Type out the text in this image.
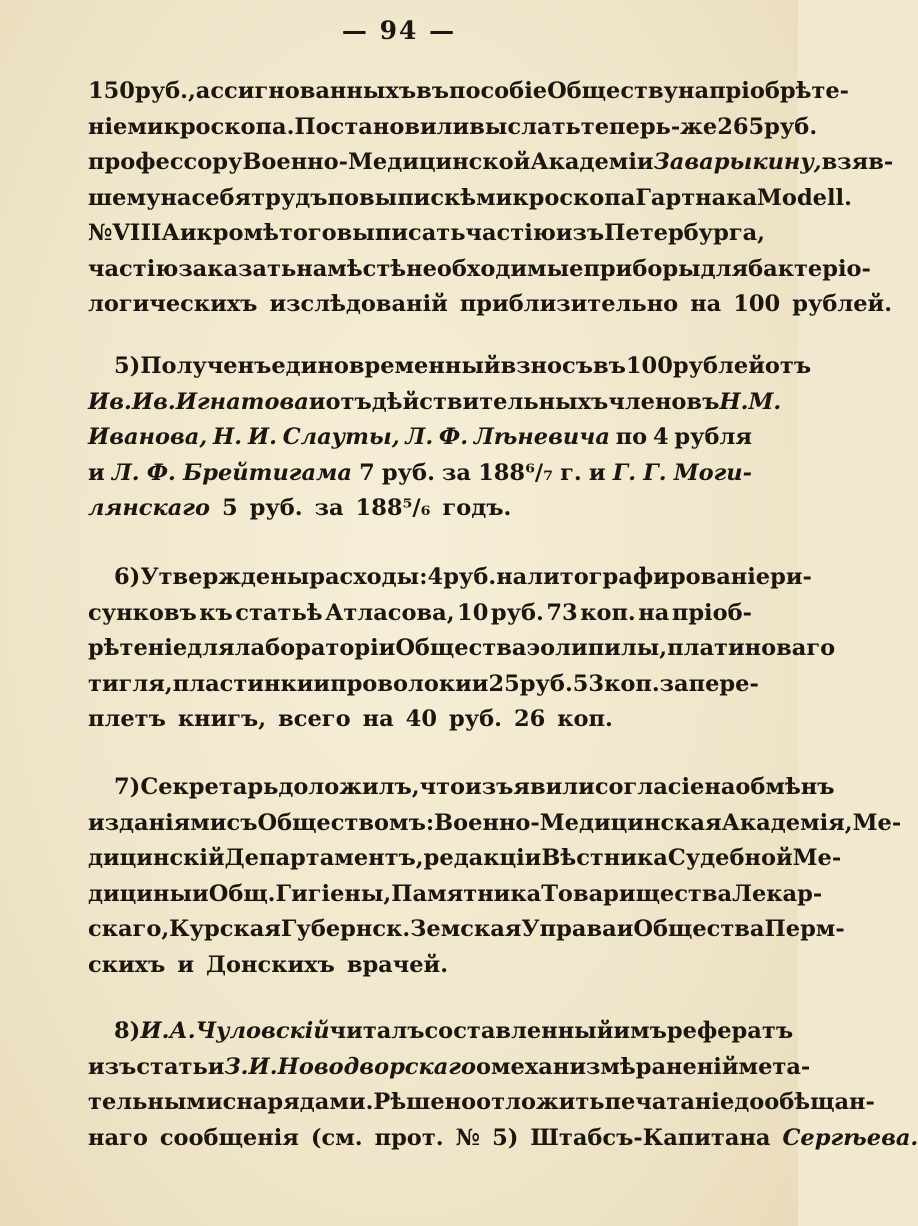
— 94 —
150 руб., ассигнованныхъ въ пособіе Обществу на пріобрѣте-
ніе микроскопа. Постановили выслать теперь-же 265 руб.
профессору Военно-Медицинской Академіи Заварыкину, взяв-
шему на себя трудъ по выпискѣ микроскопа Гартнака Modell.
№ VIII А и кромѣ того выписать частію изъ Петербурга,
частію заказать на мѣстѣ необходимые приборы для бактеріо-
логическихъ изслѣдованій приблизительно на 100 рублей.
5) Полученъ единовременный взносъ въ 100 рублей отъ
Ив. Ив. Игнатова и отъ дѣйствительныхъ членовъ Н. М.
Иванова, Н. И. Слауты, Л. Ф. Лѣневича по 4 рубля
и Л. Ф. Брейтигама 7 руб. за 188⁶/₇ г. и Г. Г. Моги-
лянскаго 5 руб. за 188⁵/₆ годъ.
6) Утверждены расходы: 4 руб. на литографированіе ри-
сунковъ къ статьѣ Атласова, 10 руб. 73 коп. на пріоб-
рѣтеніе для лабораторіи Общества эолипилы, платиноваго
тигля, пластинки и проволоки и 25 руб. 53 коп. за пере-
плетъ книгъ, всего на 40 руб. 26 коп.
7) Секретарь доложилъ, что изъявили согласіе на обмѣнъ
изданіями съ Обществомъ: Военно-Медицинская Академія, Ме-
дицинскій Департаментъ, редакціи Вѣстника Судебной Ме-
дицины и Общ. Гигіены, Памятника Товарищества Лекар-
скаго, Курская Губернск. Земская Управа и Общества Перм-
скихъ и Донскихъ врачей.
8) И. А. Чуловскій читалъ составленный имъ рефератъ
изъ статьи З. И. Новодворскаго о механизмѣ раненій мета-
тельными снарядами. Рѣшено отложить печатаніе до обѣщан-
наго сообщенія (см. прот. № 5) Штабсъ-Капитана Сергѣева.
